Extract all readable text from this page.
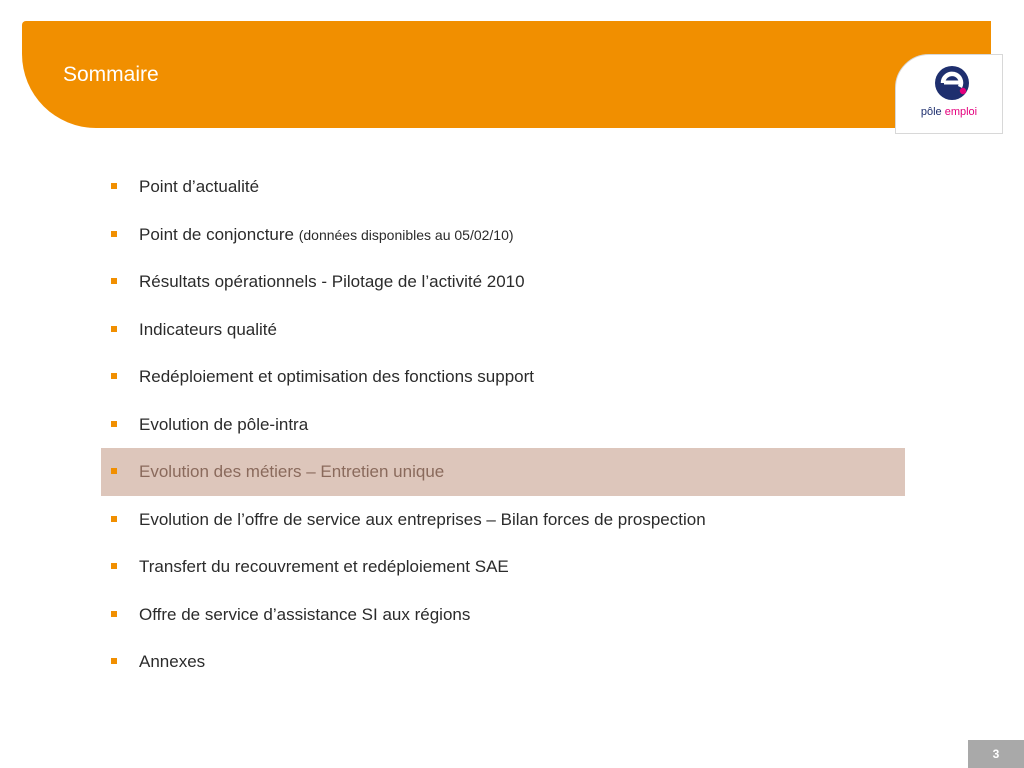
Sommaire
pôle emploi
Point d’actualité
Point de conjoncture (données disponibles au 05/02/10)
Résultats opérationnels - Pilotage de l’activité 2010
Indicateurs qualité
Redéploiement et optimisation des fonctions support
Evolution de pôle-intra
Evolution des métiers – Entretien unique
Evolution de l’offre de service aux entreprises – Bilan forces de prospection
Transfert du recouvrement et redéploiement SAE
Offre de service d’assistance SI aux régions
Annexes
3
